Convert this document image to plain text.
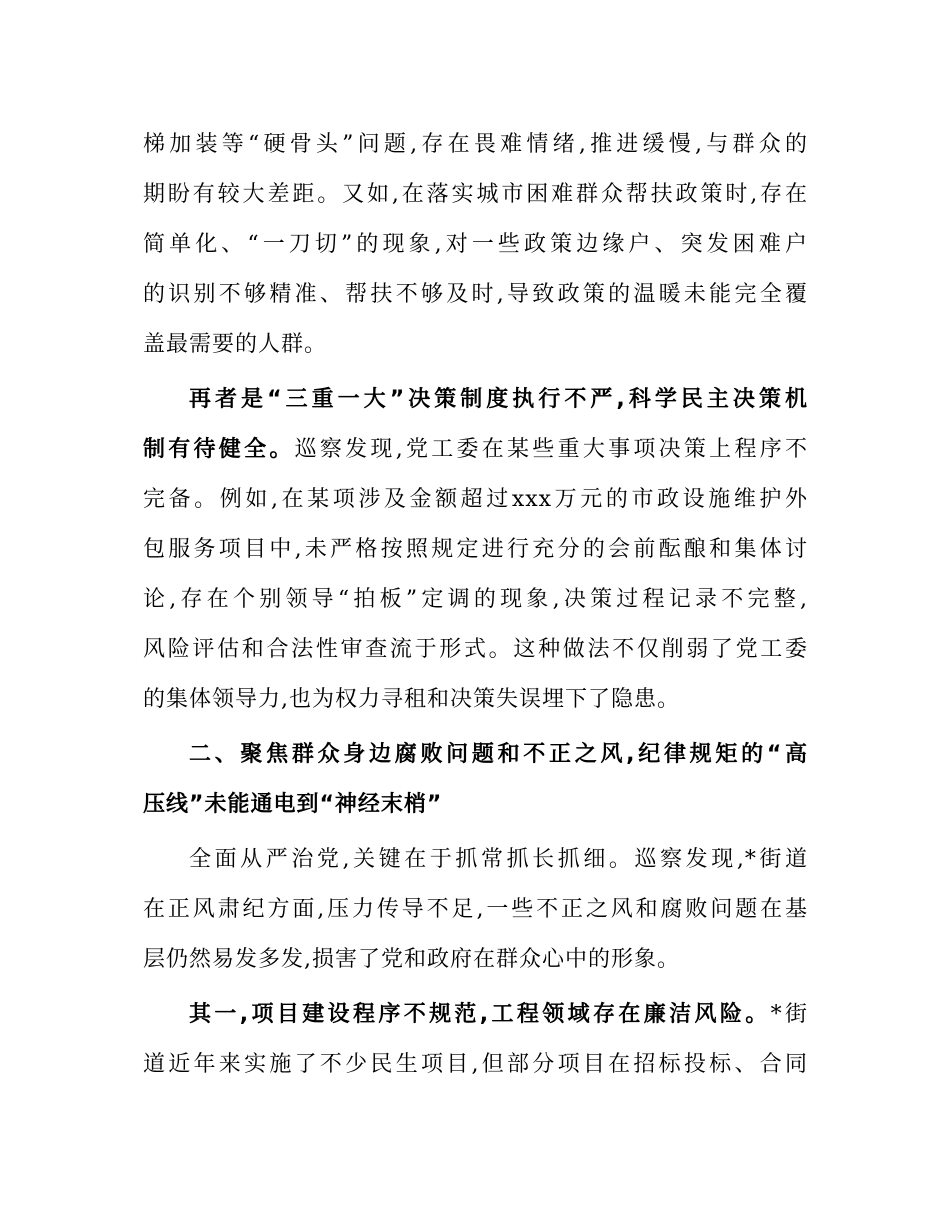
梯加装等“硬骨头”问题,存在畏难情绪,推进缓慢,与群众的
期盼有较大差距。又如,在落实城市困难群众帮扶政策时,存在
简单化、“一刀切”的现象,对一些政策边缘户、突发困难户
的识别不够精准、帮扶不够及时,导致政策的温暖未能完全覆
盖最需要的人群。
再者是“三重一大”决策制度执行不严,科学民主决策机
制有待健全。巡察发现,党工委在某些重大事项决策上程序不
完备。例如,在某项涉及金额超过xxx万元的市政设施维护外
包服务项目中,未严格按照规定进行充分的会前酝酿和集体讨
论,存在个别领导“拍板”定调的现象,决策过程记录不完整,
风险评估和合法性审查流于形式。这种做法不仅削弱了党工委
的集体领导力,也为权力寻租和决策失误埋下了隐患。
二、聚焦群众身边腐败问题和不正之风,纪律规矩的“高
压线”未能通电到“神经末梢”
全面从严治党,关键在于抓常抓长抓细。巡察发现,*街道
在正风肃纪方面,压力传导不足,一些不正之风和腐败问题在基
层仍然易发多发,损害了党和政府在群众心中的形象。
其一,项目建设程序不规范,工程领域存在廉洁风险。*街
道近年来实施了不少民生项目,但部分项目在招标投标、合同
